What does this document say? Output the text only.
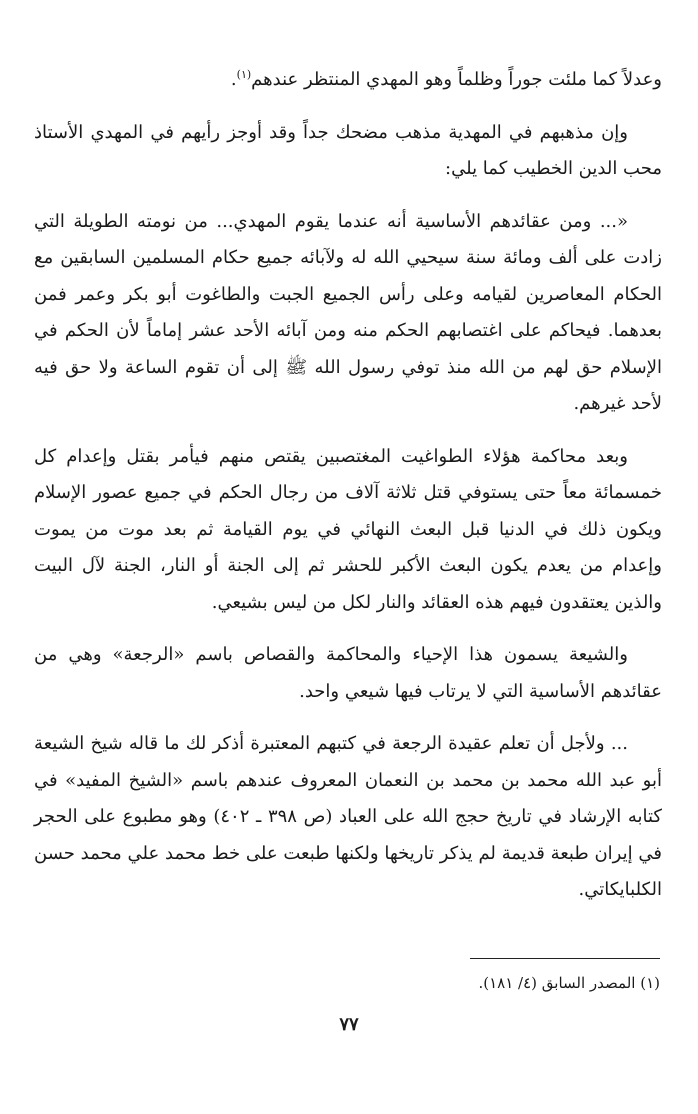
وعدلاً كما ملئت جوراً وظلماً وهو المهدي المنتظر عندهم$^{(١)}$.

وإن مذهبهم في المهدية مذهب مضحك جداً وقد أوجز رأيهم في المهدي الأستاذ محب الدين الخطيب كما يلي:

«... ومن عقائدهم الأساسية أنه عندما يقوم المهدي... من نومته الطويلة التي زادت على ألف ومائة سنة سيحيي الله له ولآبائه جميع حكام المسلمين السابقين مع الحكام المعاصرين لقيامه وعلى رأس الجميع الجبت والطاغوت أبو بكر وعمر فمن بعدهما. فيحاكم على اغتصابهم الحكم منه ومن آبائه الأحد عشر إماماً لأن الحكم في الإسلام حق لهم من الله منذ توفي رسول الله ﷺ إلى أن تقوم الساعة ولا حق فيه لأحد غيرهم.

وبعد محاكمة هؤلاء الطواغيت المغتصبين يقتص منهم فيأمر بقتل وإعدام كل خمسمائة معاً حتى يستوفي قتل ثلاثة آلاف من رجال الحكم في جميع عصور الإسلام ويكون ذلك في الدنيا قبل البعث النهائي في يوم القيامة ثم بعد موت من يموت وإعدام من يعدم يكون البعث الأكبر للحشر ثم إلى الجنة أو النار، الجنة لآل البيت والذين يعتقدون فيهم هذه العقائد والنار لكل من ليس بشيعي.

والشيعة يسمون هذا الإحياء والمحاكمة والقصاص باسم «الرجعة» وهي من عقائدهم الأساسية التي لا يرتاب فيها شيعي واحد.

... ولأجل أن تعلم عقيدة الرجعة في كتبهم المعتبرة أذكر لك ما قاله شيخ الشيعة أبو عبد الله محمد بن محمد بن النعمان المعروف عندهم باسم «الشيخ المفيد» في كتابه الإرشاد في تاريخ حجج الله على العباد (ص ٣٩٨ ـ ٤٠٢) وهو مطبوع على الحجر في إيران طبعة قديمة لم يذكر تاريخها ولكنها طبعت على خط محمد علي محمد حسن الكلبايكاتي.

(١) المصدر السابق (٤/ ١٨١).
٧٧
